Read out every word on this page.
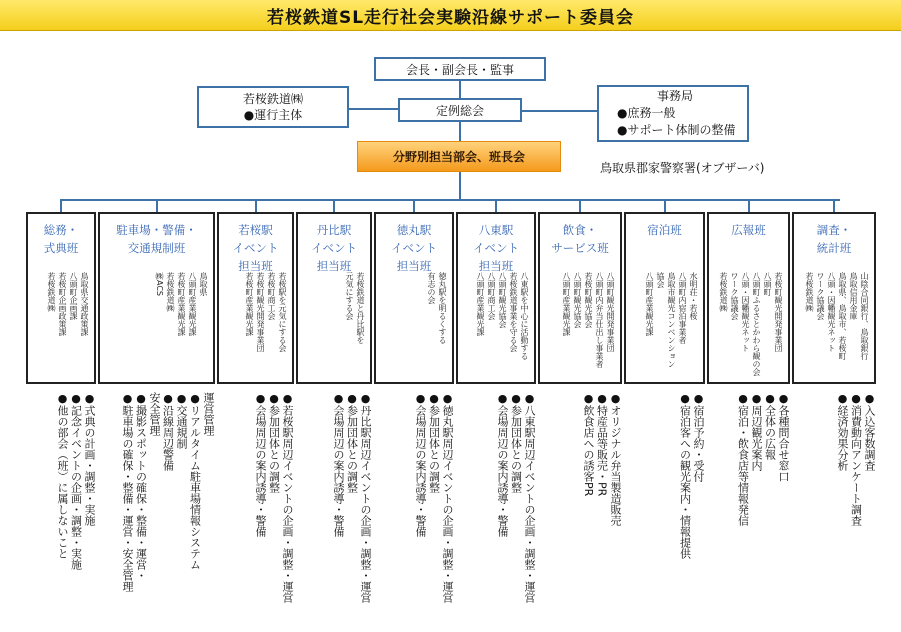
若桜鉄道SL走行社会実験沿線サポート委員会
会長・副会長・監事
定例総会
若桜鉄道㈱
●運行主体
事務局
●庶務一般
●サポート体制の整備
分野別担当部会、班長会
鳥取県郡家警察署(オブザーバ)
総務・
式典班
鳥取県交通政策課
八頭町企画課
若桜町企画政策課
若桜鉄道㈱
●式典の計画・調整・実施
●記念イベントの企画・調整・実施
●他の部会（班）に属しないこと
駐車場・警備・
交通規制班
鳥取県
八頭町産業観光課
若桜町産業観光課
若桜鉄道㈱
㈱ACS
運営管理
●リアルタイム駐車場情報システム
●交通規制
●沿線周辺警備
安全管理
●撮影スポットの確保・整備・運営・
●駐車場の確保・整備・運営・安全管理
若桜駅
イベント
担当班
若桜駅を元気にする会
若桜町商工会
若桜町観光開発事業団
若桜町産業観光課
●若桜駅周辺イベントの企画・調整・運営
●参加団体との調整
●会場周辺の案内誘導・警備
丹比駅
イベント
担当班
若桜鉄道と丹比駅を
元気にする会
●丹比駅周辺イベントの企画・調整・運営
●参加団体との調整
●会場周辺の案内誘導・警備
徳丸駅
イベント
担当班
徳丸駅を明るくする
有志の会
●徳丸駅周辺イベントの企画・調整・運営
●参加団体との調整
●会場周辺の案内誘導・警備
八東駅
イベント
担当班
八東駅を中心に活動する
若桜鉄道事業を守る会
八頭町観光協会
八頭町商工会
八頭町産業観光課
●八東駅周辺イベントの企画・調整・運営
●参加団体との調整
●会場周辺の案内誘導・警備
飲食・
サービス班
八頭町観光開発事業団
八頭町内弁当仕出し事業者
若桜町観光協会
八頭町観光協会
八頭町産業観光課
●オリジナル弁当製造販売
●特産品等販売・PR
●飲食店への誘客PR
宿泊班
水明荘・若桜
八頭町内宿泊事業者
鳥取市観光コンベンション
協会
八頭町産業観光課
●宿泊予約・受付
●宿泊客への観光案内・情報提供
広報班
若桜町観光開発事業団
八頭町
八頭町ふるさとかわら観の会
八頭・因幡観光ネット
ワーク協議会
若桜鉄道㈱
●各種問合せ窓口
●全体の広報
●周辺観光案内
●宿泊・飲食店等情報発信
調査・
統計班
山陰合同銀行、鳥取銀行
鳥取信用金庫
鳥取県、鳥取市、若桜町
八頭・因幡観光ネット
ワーク協議会
若桜鉄道㈱
●入込客数調査
●消費動向アンケート調査
●経済効果分析
